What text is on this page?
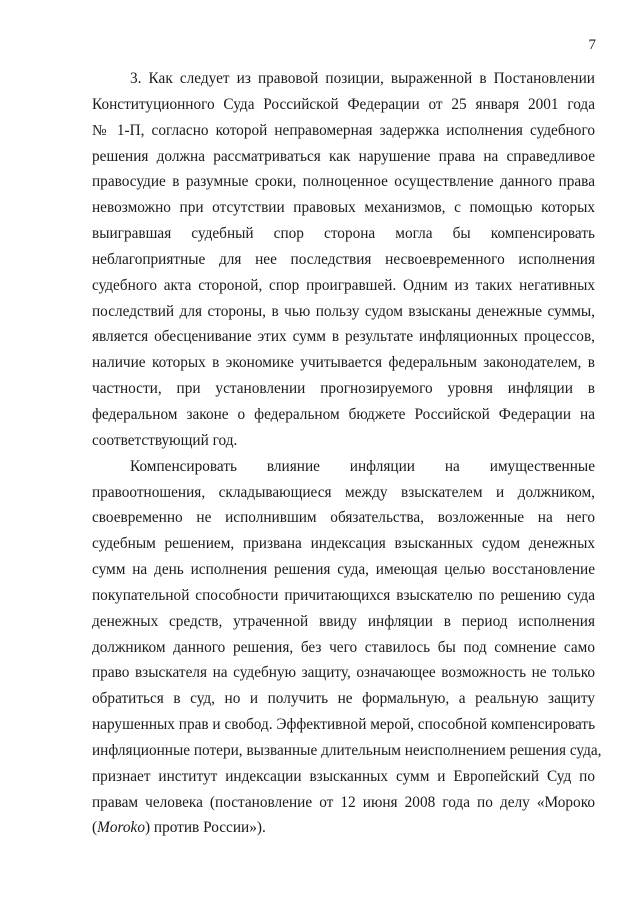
7
3. Как следует из правовой позиции, выраженной в Постановлении
Конституционного Суда Российской Федерации от 25 января 2001 года
№ 1-П, согласно которой неправомерная задержка исполнения судебного
решения должна рассматриваться как нарушение права на справедливое
правосудие в разумные сроки, полноценное осуществление данного права
невозможно при отсутствии правовых механизмов, с помощью которых
выигравшая судебный спор сторона могла бы компенсировать
неблагоприятные для нее последствия несвоевременного исполнения
судебного акта стороной, спор проигравшей. Одним из таких негативных
последствий для стороны, в чью пользу судом взысканы денежные суммы,
является обесценивание этих сумм в результате инфляционных процессов,
наличие которых в экономике учитывается федеральным законодателем, в
частности, при установлении прогнозируемого уровня инфляции в
федеральном законе о федеральном бюджете Российской Федерации на
соответствующий год.
Компенсировать влияние инфляции на имущественные
правоотношения, складывающиеся между взыскателем и должником,
своевременно не исполнившим обязательства, возложенные на него
судебным решением, призвана индексация взысканных судом денежных
сумм на день исполнения решения суда, имеющая целью восстановление
покупательной способности причитающихся взыскателю по решению суда
денежных средств, утраченной ввиду инфляции в период исполнения
должником данного решения, без чего ставилось бы под сомнение само
право взыскателя на судебную защиту, означающее возможность не только
обратиться в суд, но и получить не формальную, а реальную защиту
нарушенных прав и свобод. Эффективной мерой, способной компенсировать
инфляционные потери, вызванные длительным неисполнением решения суда,
признает институт индексации взысканных сумм и Европейский Суд по
правам человека (постановление от 12 июня 2008 года по делу «Мороко
(Moroko) против России»).
